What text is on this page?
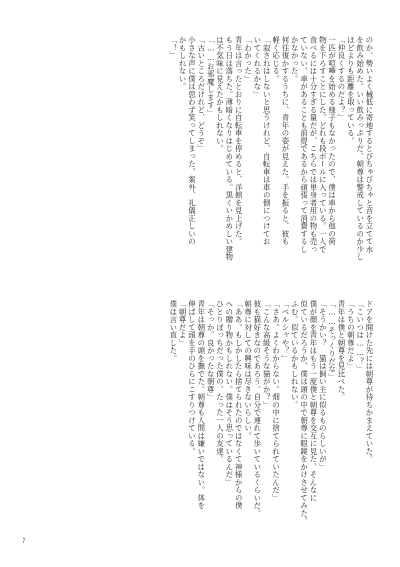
のか、勢いよく械低に寄地するとびちゃびちゃと音を立てて水

を飲み始めた。いい飲みっぷりだ。朝尊は警戒しているのか少し

ほどよりも距離を取っている。

「仲良くするのだよ？」

一匹が喧嘩を始める様子もなかったので、僕は車から他の荷

物を下ろすことにした。どれも段ボールに入っている。一人で

食べるには十分すぎる量だが、こちらでは単身者用の物も売っ

ていない。車があることも前提であるから頑張って消費するし

かなかった。

何往復かするうちに、青年の姿が見えた。手を振ると、彼も

軽く応じる。

「寂されはしないと思うけれど、自転車は車の側につけてお

いてくれるかな」

「わかった」

青年は言ったとおりに自転車を停めると、洋館を見上げた。

もう日は落ちた。薄暗くなりはじめている。黒くいかめしい建物

は不気味に見えたかもしれない。

「……お邪魔します」

「古いところだけれど、どうぞ」

小さな声に僕は思わず笑ってしまった。案外、礼儀正しいの

かもしれない。

「！」

ドアを開けた先には朝尊が待ちかまえていた。

「こいつは……？」

「うちの朝尊だよ」

青年は僕と朝尊を見比べた。

「……そっくりだな」

「そうかい？　猫は飼い主に似るものらしいが」

僕が顔を青年はもう一度僕と朝尊を交互に見た。そんなに

似ているだろうか。僕は頭の中で朝尊に眼鏡をかけさせてみた。

ふむ。似ているかもしれない。

「ベルシャや？」

「さあ。よくわからない。畑の中に捨てられていたんだ」

「こんな高級そうな猫がか？」

彼も猫好きなのであろう。自分で連れて歩いているくらいだ。

朝尊に対しての興味は尽きないらしい。

「ああ。もしかしたら捨てられたのではなくて神様からの僕

への贈り物かもしれない。僕はそう思っているんだ」

ひとりぼっちだった僕の、たった一人の友達。

「そっか。良かったな朝尊」

青年は朝尊の頭を撫でた。朝尊も人間は嫌いではない。体を

伸ばして頭を手のひらにこすりつけている。

「朝尊だよ」

僕は言い直した。

7
